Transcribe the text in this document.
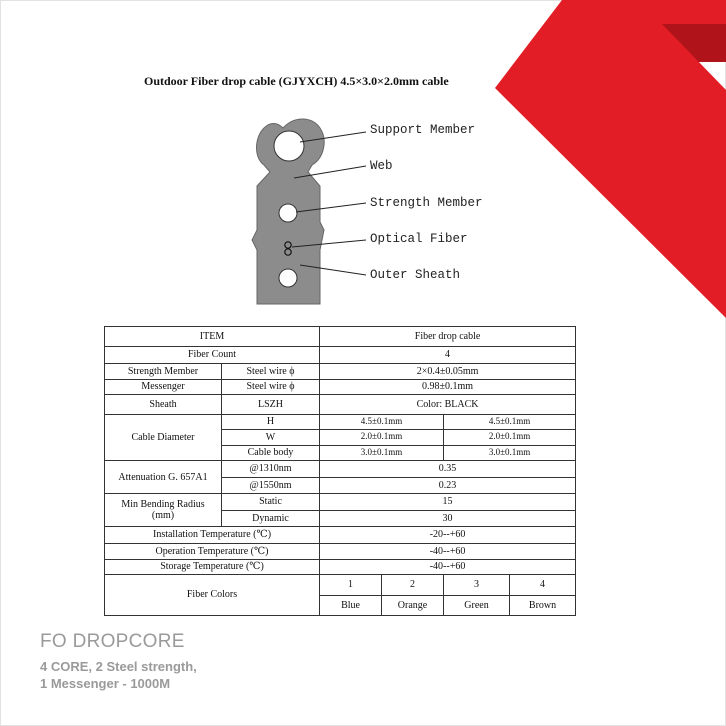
Outdoor Fiber drop cable (GJYXCH) 4.5×3.0×2.0mm cable
Support Member
Web
Strength Member
Optical Fiber
Outer Sheath
ITEM		Fiber drop cable			
Fiber Count		4			
Strength Member	Steel wire ϕ	2×0.4±0.05mm			
Messenger	Steel wire ϕ	0.98±0.1mm			
Sheath	LSZH	Color: BLACK			
Cable Diameter	H	4.5±0.1mm		4.5±0.1mm	
	W	2.0±0.1mm		2.0±0.1mm	
	Cable body	3.0±0.1mm		3.0±0.1mm	
Attenuation G. 657A1	@1310nm	0.35			
	@1550nm	0.23			
Min Bending Radius
(mm)	Static	15			
	Dynamic	30			
Installation Temperature (℃)		-20--+60			
Operation Temperature (℃)		-40--+60			
Storage Temperature (℃)		-40--+60			
Fiber Colors		1	2	3	4
		Blue	Orange	Green	Brown
FO DROPCORE
4 CORE, 2 Steel strength,
1 Messenger - 1000M
